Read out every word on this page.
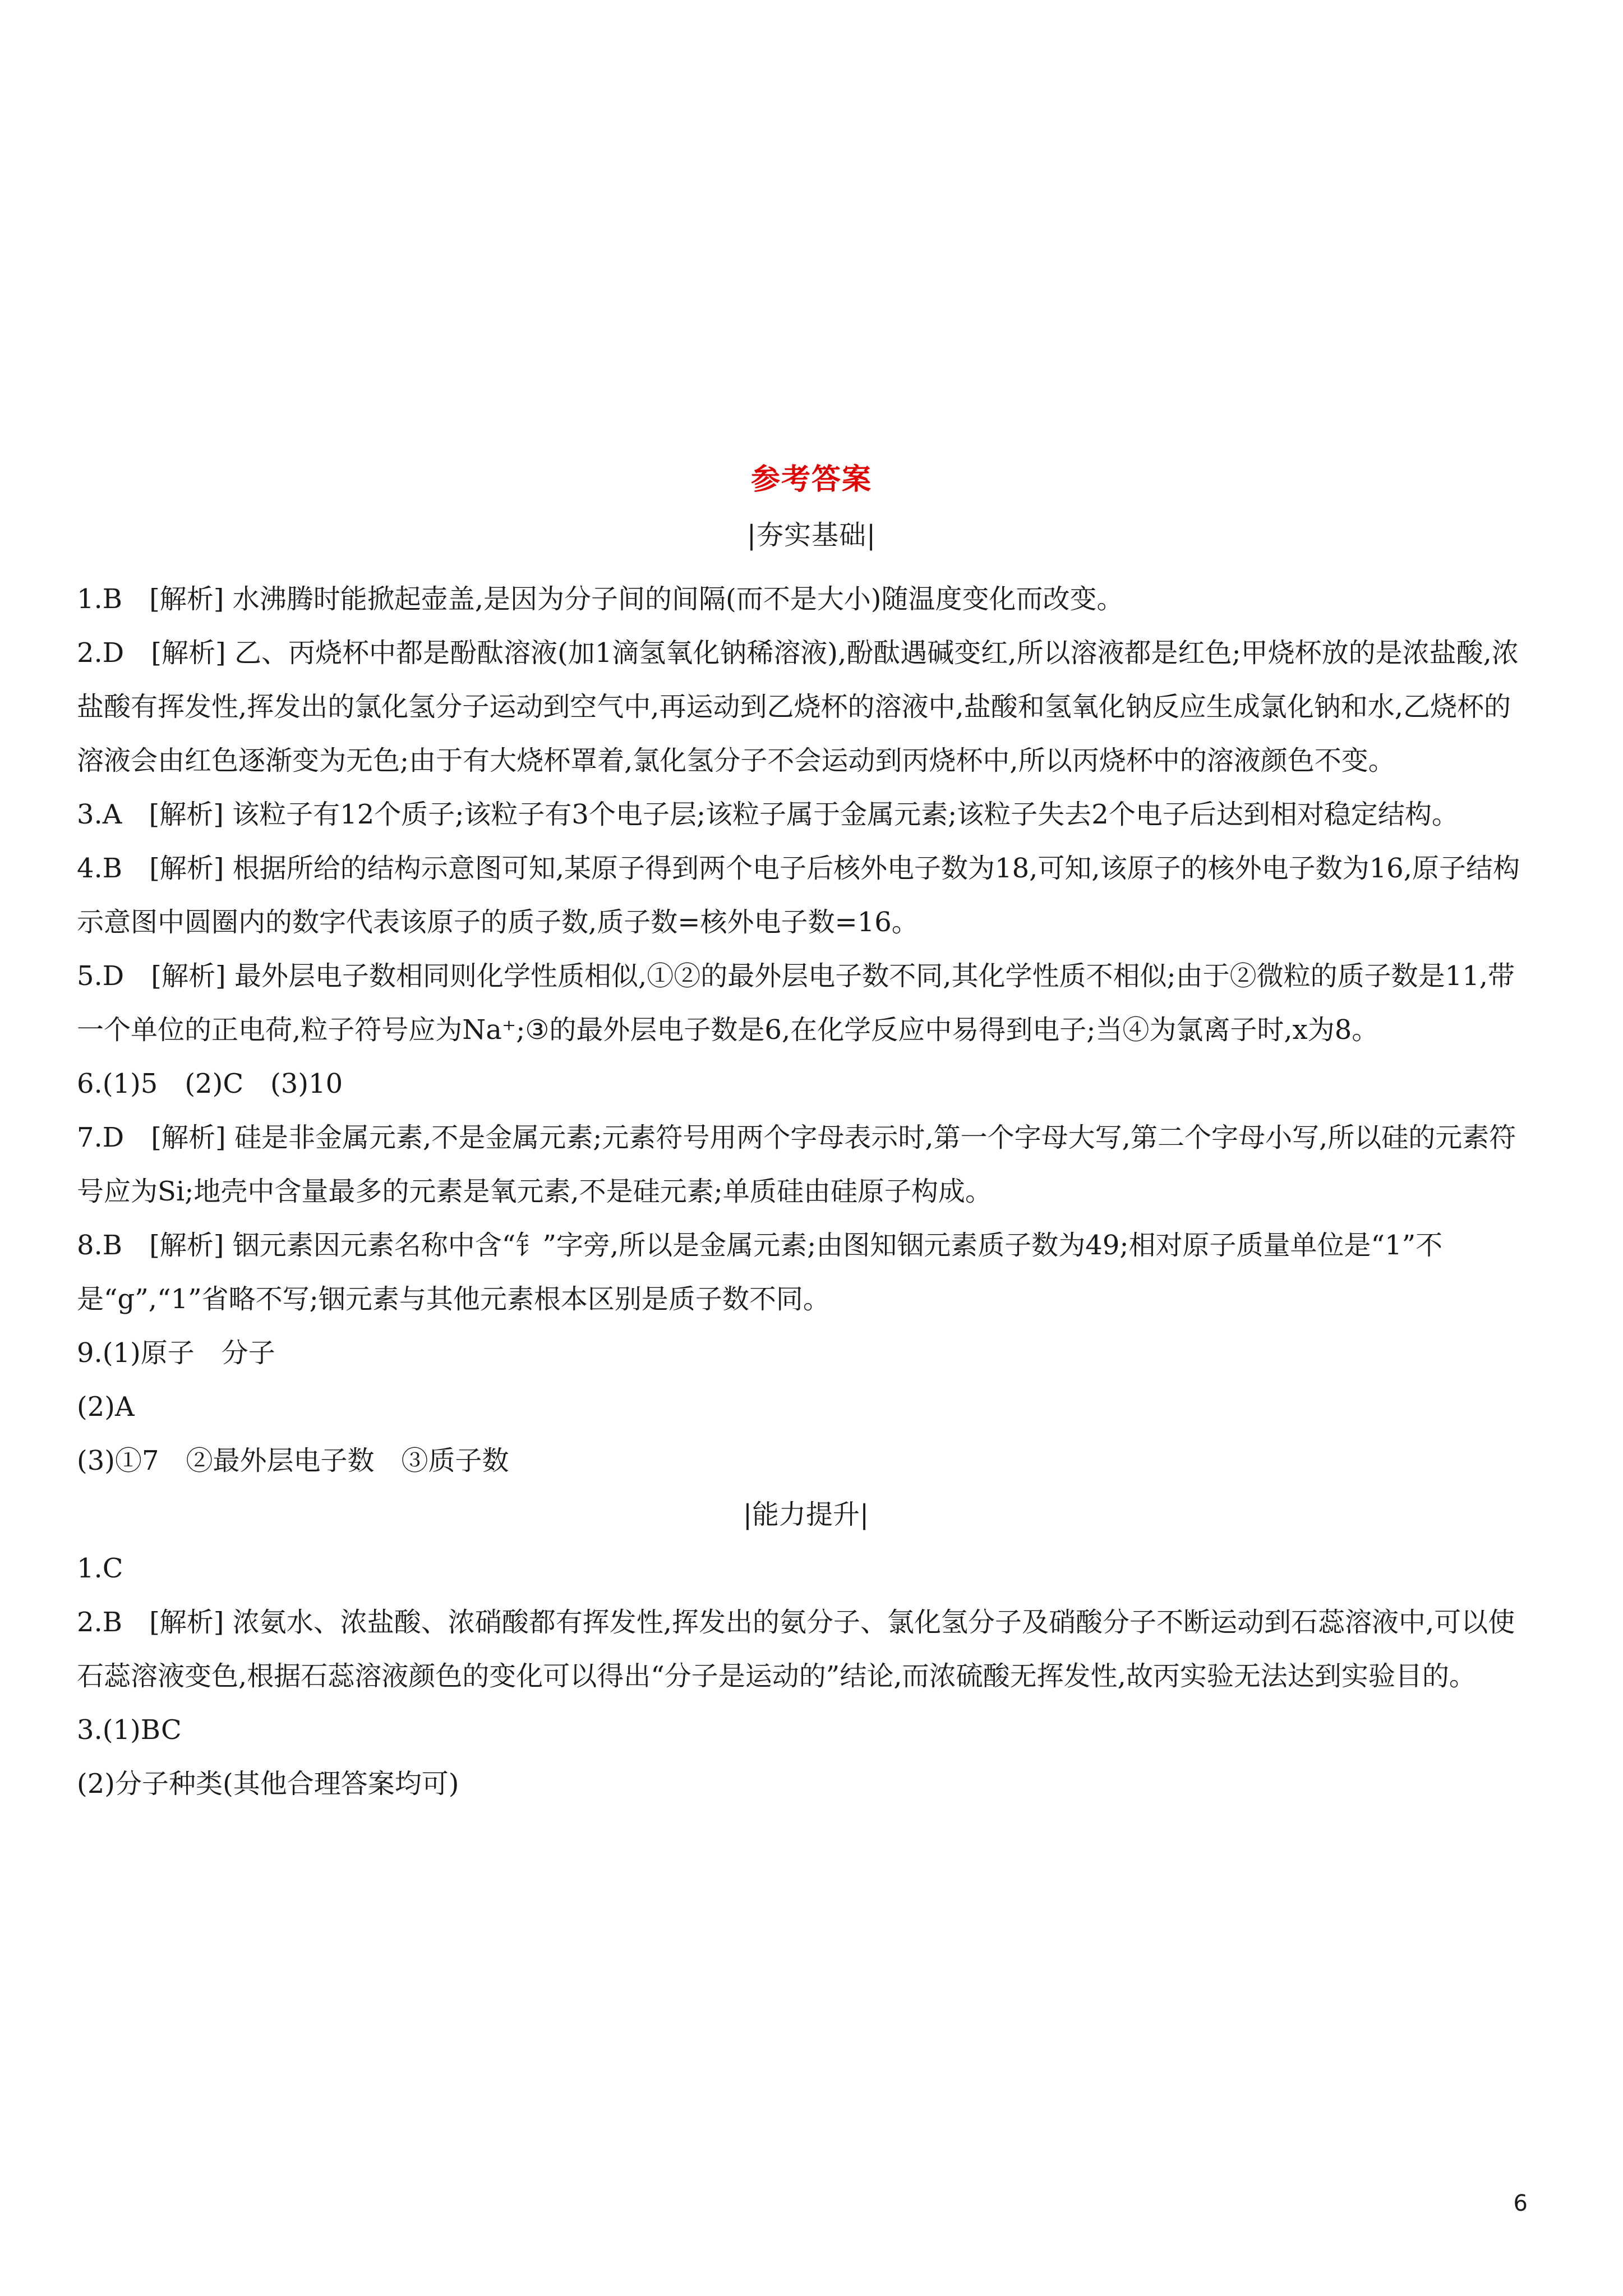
参考答案
|夯实基础|

1.B　[解析] 水沸腾时能掀起壶盖,是因为分子间的间隔(而不是大小)随温度变化而改变。

2.D　[解析] 乙、丙烧杯中都是酚酞溶液(加1滴氢氧化钠稀溶液),酚酞遇碱变红,所以溶液都是红色;甲烧杯放的是浓盐酸,浓盐酸有挥发性,挥发出的氯化氢分子运动到空气中,再运动到乙烧杯的溶液中,盐酸和氢氧化钠反应生成氯化钠和水,乙烧杯的溶液会由红色逐渐变为无色;由于有大烧杯罩着,氯化氢分子不会运动到丙烧杯中,所以丙烧杯中的溶液颜色不变。

3.A　[解析] 该粒子有12个质子;该粒子有3个电子层;该粒子属于金属元素;该粒子失去2个电子后达到相对稳定结构。

4.B　[解析] 根据所给的结构示意图可知,某原子得到两个电子后核外电子数为18,可知,该原子的核外电子数为16,原子结构示意图中圆圈内的数字代表该原子的质子数,质子数=核外电子数=16。

5.D　[解析] 最外层电子数相同则化学性质相似,①②的最外层电子数不同,其化学性质不相似;由于②微粒的质子数是11,带一个单位的正电荷,粒子符号应为Na⁺;③的最外层电子数是6,在化学反应中易得到电子;当④为氯离子时,x为8。

6.(1)5　(2)C　(3)10

7.D　[解析] 硅是非金属元素,不是金属元素;元素符号用两个字母表示时,第一个字母大写,第二个字母小写,所以硅的元素符号应为Si;地壳中含量最多的元素是氧元素,不是硅元素;单质硅由硅原子构成。

8.B　[解析] 铟元素因元素名称中含“钅”字旁,所以是金属元素;由图知铟元素质子数为49;相对原子质量单位是“1”不是“g”,“1”省略不写;铟元素与其他元素根本区别是质子数不同。

9.(1)原子　分子

(2)A

(3)①7　②最外层电子数　③质子数

|能力提升|

1.C

2.B　[解析] 浓氨水、浓盐酸、浓硝酸都有挥发性,挥发出的氨分子、氯化氢分子及硝酸分子不断运动到石蕊溶液中,可以使石蕊溶液变色,根据石蕊溶液颜色的变化可以得出“分子是运动的”结论,而浓硫酸无挥发性,故丙实验无法达到实验目的。

3.(1)BC

(2)分子种类(其他合理答案均可)

6
